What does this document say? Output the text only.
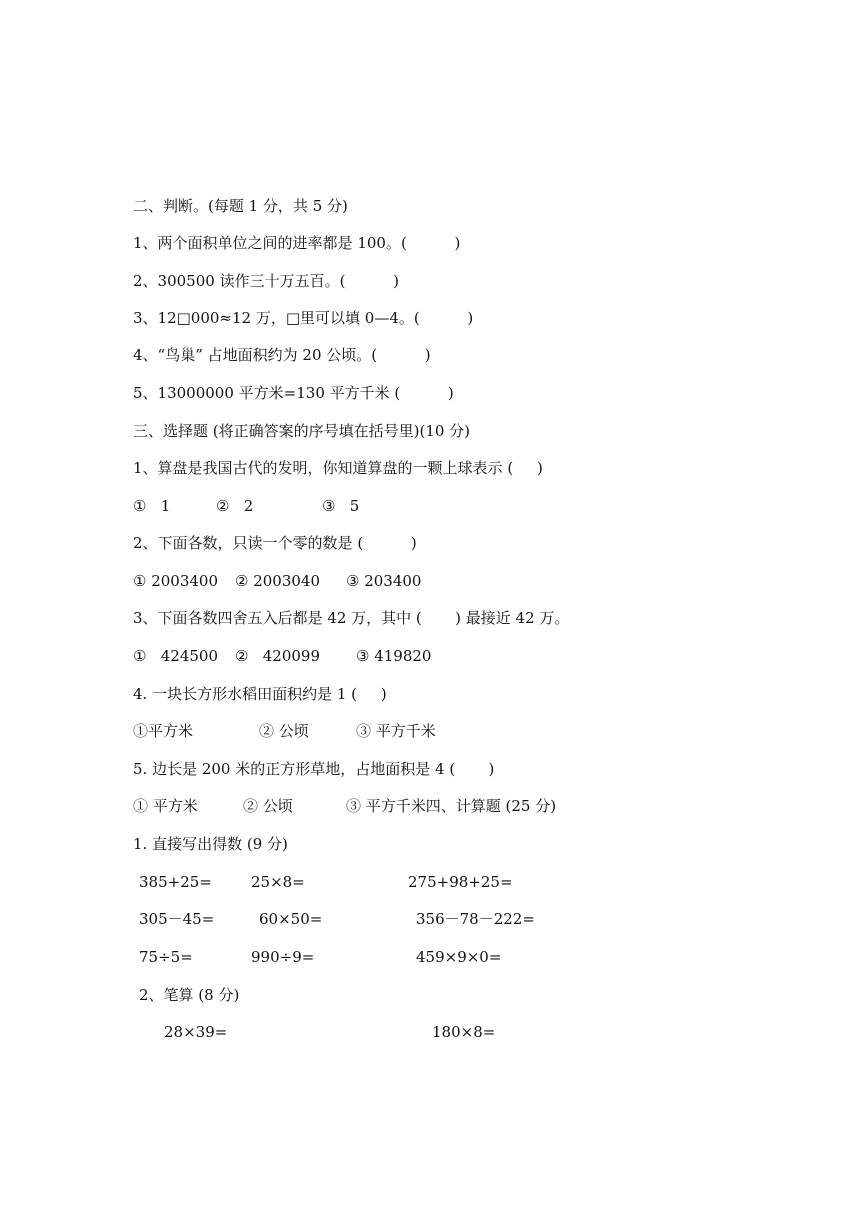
二、判断。(每题 1 分，共 5 分)
1、两个面积单位之间的进率都是 100。(          )
2、300500 读作三十万五百。(          )
3、12□000≈12 万，□里可以填 0—4。(          )
4、“鸟巢” 占地面积约为 20 公顷。(          )
5、13000000 平方米=130 平方千米 (          )
三、选择题 (将正确答案的序号填在括号里)(10 分)
1、算盘是我国古代的发明，你知道算盘的一颗上球表示 (     )
①   1	②   2	③   5
2、下面各数，只读一个零的数是 (          )
① 2003400 ② 2003040 ③ 203400
3、下面各数四舍五入后都是 42 万，其中 (       ) 最接近 42 万。
①   424500 ②   420099 ③ 419820
4. 一块长方形水稻田面积约是 1 (     )
①平方米	② 公顷	③ 平方千米
5. 边长是 200 米的正方形草地，占地面积是 4 (       )
① 平方米	② 公顷	③ 平方千米四、计算题 (25 分)
1. 直接写出得数 (9 分)
385+25=	25×8=	275+98+25=
305－45=	60×50=	356－78－222=
75÷5=	990÷9=	459×9×0=
2、笔算 (8 分)
28×39=	180×8=
